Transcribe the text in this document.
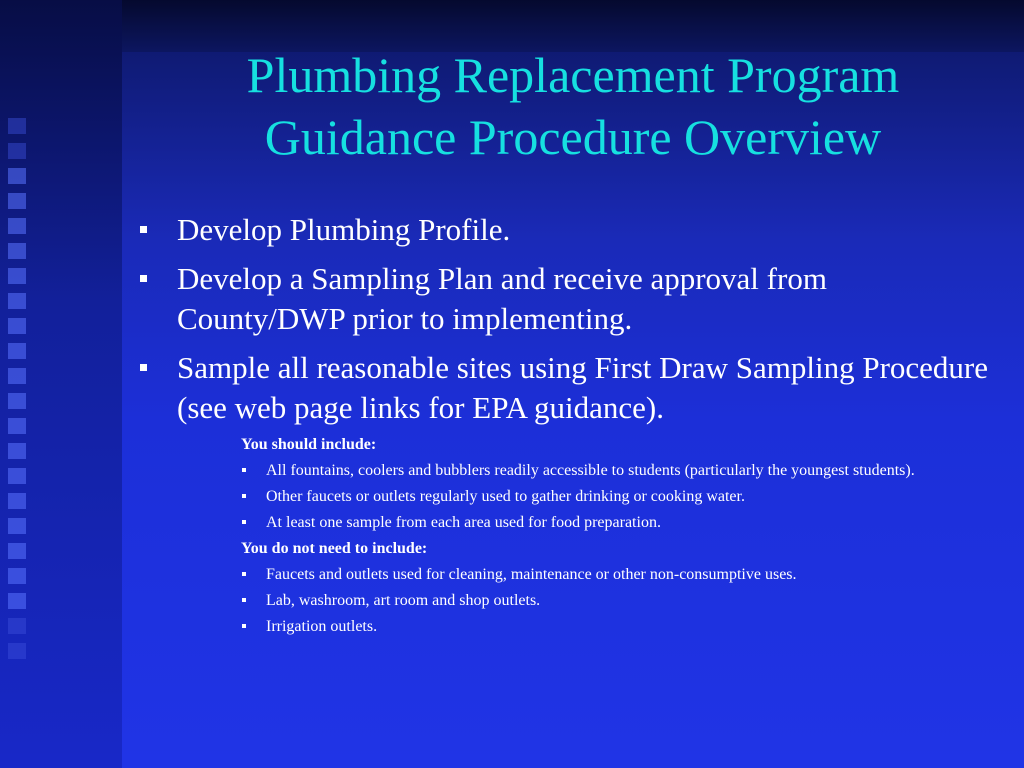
Plumbing Replacement Program
Guidance Procedure Overview
Develop Plumbing Profile.
Develop a Sampling Plan and receive approval from County/DWP prior to implementing.
Sample all reasonable sites using First Draw Sampling Procedure (see web page links for EPA guidance).
You should include:
All fountains, coolers and bubblers readily accessible to students (particularly the youngest students).
Other faucets or outlets regularly used to gather drinking or cooking water.
At least one sample from each area used for food preparation.
You do not need to include:
Faucets and outlets used for cleaning, maintenance or other non-consumptive uses.
Lab, washroom, art room and shop outlets.
Irrigation outlets.
